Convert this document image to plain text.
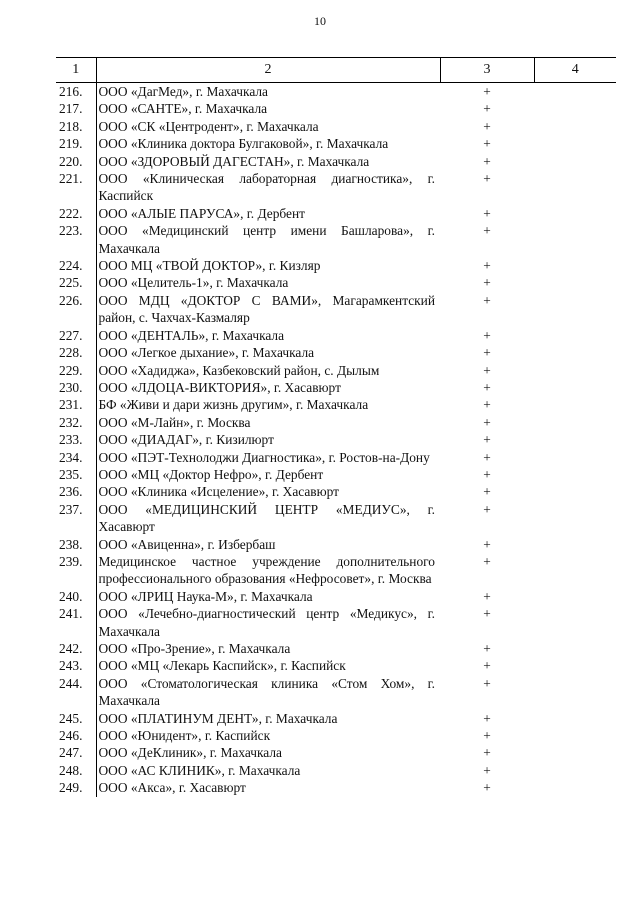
10
1	2	3	4
216.	ООО «ДагМед», г. Махачкала	+	
217.	ООО «САНТЕ», г. Махачкала	+	
218.	ООО «СК «Центродент», г. Махачкала	+	
219.	ООО «Клиника доктора Булгаковой», г. Махачкала	+	
220.	ООО «ЗДОРОВЫЙ ДАГЕСТАН», г. Махачкала	+	
221.	ООО «Клиническая лабораторная диагностика», г. Каспийск	+	
222.	ООО «АЛЫЕ ПАРУСА», г. Дербент	+	
223.	ООО «Медицинский центр имени Башларова», г. Махачкала	+	
224.	ООО МЦ «ТВОЙ ДОКТОР», г. Кизляр	+	
225.	ООО «Целитель-1», г. Махачкала	+	
226.	ООО МДЦ «ДОКТОР С ВАМИ», Магарамкентский район, с. Чахчах-Казмаляр	+	
227.	ООО «ДЕНТАЛЬ», г. Махачкала	+	
228.	ООО «Легкое дыхание», г. Махачкала	+	
229.	ООО «Хадиджа», Казбековский район, с. Дылым	+	
230.	ООО «ЛДОЦА-ВИКТОРИЯ», г. Хасавюрт	+	
231.	БФ «Живи и дари жизнь другим», г. Махачкала	+	
232.	ООО «М-Лайн», г. Москва	+	
233.	ООО «ДИАДАГ», г. Кизилюрт	+	
234.	ООО «ПЭТ-Технолоджи Диагностика», г. Ростов-на-Дону	+	
235.	ООО «МЦ «Доктор Нефро», г. Дербент	+	
236.	ООО «Клиника «Исцеление», г. Хасавюрт	+	
237.	ООО «МЕДИЦИНСКИЙ ЦЕНТР «МЕДИУС», г. Хасавюрт	+	
238.	ООО «Авиценна», г. Избербаш	+	
239.	Медицинское частное учреждение дополнительного профессионального образования «Нефросовет», г. Москва	+	
240.	ООО «ЛРИЦ Наука-М», г. Махачкала	+	
241.	ООО «Лечебно-диагностический центр «Медикус», г. Махачкала	+	
242.	ООО «Про-Зрение», г. Махачкала	+	
243.	ООО «МЦ «Лекарь Каспийск», г. Каспийск	+	
244.	ООО «Стоматологическая клиника «Стом Хом», г. Махачкала	+	
245.	ООО «ПЛАТИНУМ ДЕНТ», г. Махачкала	+	
246.	ООО «Юнидент», г. Каспийск	+	
247.	ООО «ДеКлиник», г. Махачкала	+	
248.	ООО «АС КЛИНИК», г. Махачкала	+	
249.	ООО «Акса», г. Хасавюрт	+	
